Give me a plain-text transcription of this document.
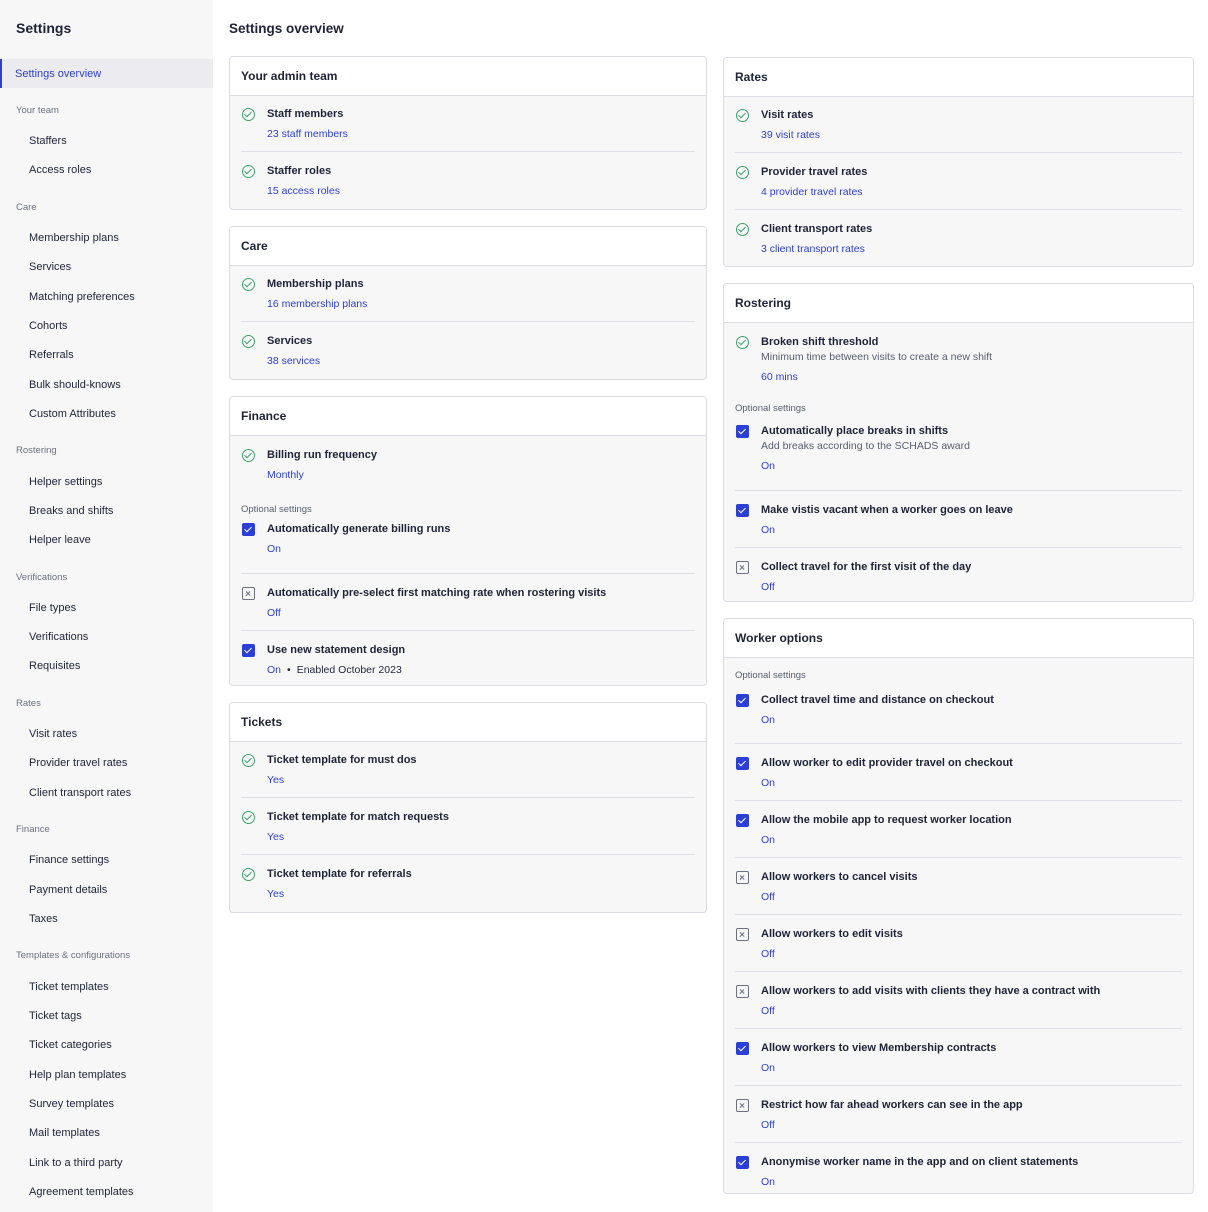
Settings
Settings overview
Your team
Staffers
Access roles
Care
Membership plans
Services
Matching preferences
Cohorts
Referrals
Bulk should-knows
Custom Attributes
Rostering
Helper settings
Breaks and shifts
Helper leave
Verifications
File types
Verifications
Requisites
Rates
Visit rates
Provider travel rates
Client transport rates
Finance
Finance settings
Payment details
Taxes
Templates & configurations
Ticket templates
Ticket tags
Ticket categories
Help plan templates
Survey templates
Mail templates
Link to a third party
Agreement templates
Settings overview
Your admin team
Staff members
23 staff members
Staffer roles
15 access roles
Care
Membership plans
16 membership plans
Services
38 services
Finance
Billing run frequency
Monthly
Optional settings
Automatically generate billing runs
On
Automatically pre-select first matching rate when rostering visits
Off
Use new statement design
On • Enabled October 2023
Tickets
Ticket template for must dos
Yes
Ticket template for match requests
Yes
Ticket template for referrals
Yes
Rates
Visit rates
39 visit rates
Provider travel rates
4 provider travel rates
Client transport rates
3 client transport rates
Rostering
Broken shift threshold
Minimum time between visits to create a new shift
60 mins
Optional settings
Automatically place breaks in shifts
Add breaks according to the SCHADS award
On
Make vistis vacant when a worker goes on leave
On
Collect travel for the first visit of the day
Off
Worker options
Optional settings
Collect travel time and distance on checkout
On
Allow worker to edit provider travel on checkout
On
Allow the mobile app to request worker location
On
Allow workers to cancel visits
Off
Allow workers to edit visits
Off
Allow workers to add visits with clients they have a contract with
Off
Allow workers to view Membership contracts
On
Restrict how far ahead workers can see in the app
Off
Anonymise worker name in the app and on client statements
On
